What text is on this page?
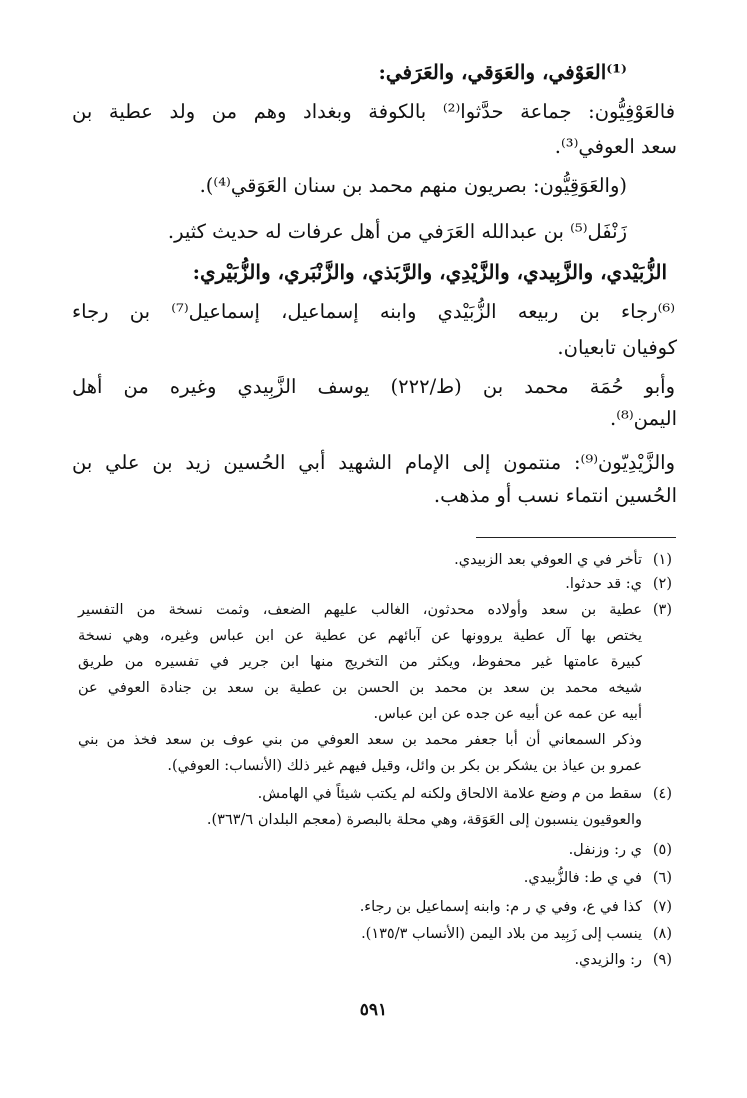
⁽¹⁾العَوْفي، والعَوَقي، والعَرَفي:
فالعَوْفِيُّون: جماعة حدَّثوا⁽²⁾ بالكوفة وبغداد وهم من ولد عطية بن
سعد العوفي⁽³⁾.
(والعَوَقِيُّون: بصريون منهم محمد بن سنان العَوَقي⁽⁴⁾).
زَنْفَل⁽⁵⁾ بن عبدالله العَرَفي من أهل عرفات له حديث كثير.
الزُّبَيْدي، والزَّبِيدي، والزَّيْدِي، والرَّبَذي، والزَّنْبَري، والزُّبَيْري:
⁽⁶⁾رجاء بن ربيعه الزُّبَيْدي وابنه إسماعيل، إسماعيل⁽⁷⁾ بن رجاء
كوفيان تابعيان.
وأبو حُمَة محمد بن (ط/٢٢٢) يوسف الزَّبِيدي وغيره من أهل
اليمن⁽⁸⁾.
والزَّيْدِيّون⁽⁹⁾: منتمون إلى الإمام الشهيد أبي الحُسين زيد بن علي بن
الحُسين انتماء نسب أو مذهب.
(١)تأخر في ي العوفي بعد الزبيدي.
(٢)ي: قد حدثوا.
(٣)عطية بن سعد وأولاده محدثون، الغالب عليهم الضعف، وثمت نسخة من التفسير
يختص بها آل عطية يروونها عن آبائهم عن عطية عن ابن عباس وغيره، وهي نسخة
كبيرة عامتها غير محفوظ، ويكثر من التخريج منها ابن جرير في تفسيره من طريق
شيخه محمد بن سعد بن محمد بن الحسن بن عطية بن سعد بن جنادة العوفي عن
أبيه عن عمه عن أبيه عن جده عن ابن عباس.
وذكر السمعاني أن أبا جعفر محمد بن سعد العوفي من بني عوف بن سعد فخذ من بني
عمرو بن عياذ بن يشكر بن بكر بن وائل، وقيل فيهم غير ذلك (الأنساب: العوفي).
(٤)سقط من م وضع علامة الالحاق ولكنه لم يكتب شيئاً في الهامش.
والعوقيون ينسبون إلى العَوَقة، وهي محلة بالبصرة (معجم البلدان ٣٦٣/٦).
(٥)ي ر: وزنفل.
(٦)في ي ط: فالزُّبيدي.
(٧)كذا في ع، وفي ي ر م: وابنه إسماعيل بن رجاء.
(٨)ينسب إلى زَبِيد من بلاد اليمن (الأنساب ١٣٥/٣).
(٩)ر: والزيدي.
٥٩١
